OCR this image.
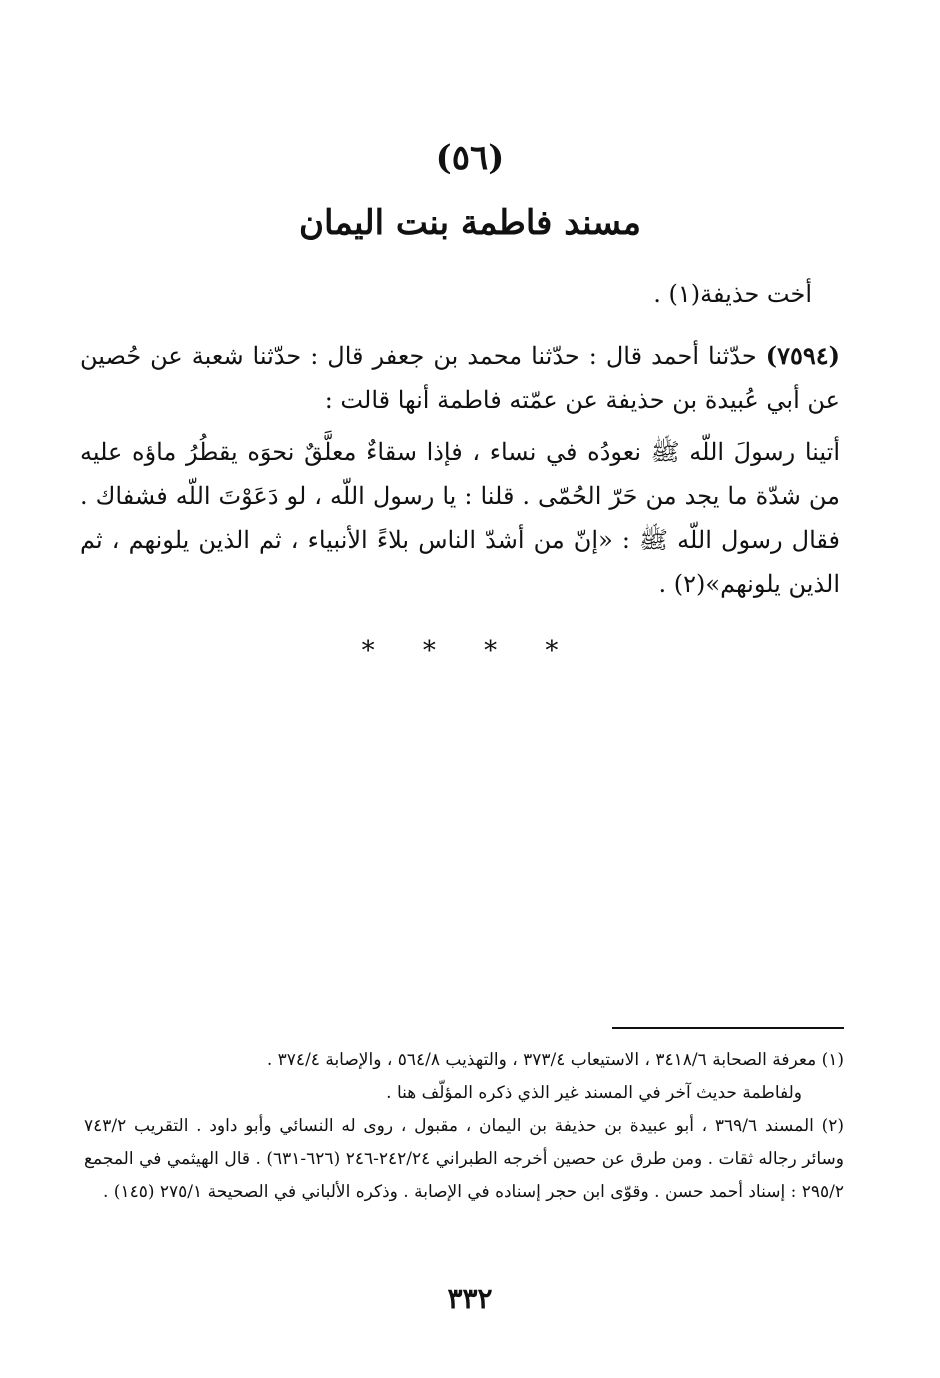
(٥٦)
مسند فاطمة بنت اليمان
أخت حذيفة(١) .
(٧٥٩٤) حدّثنا أحمد قال : حدّثنا محمد بن جعفر قال : حدّثنا شعبة عن حُصين عن أبي عُبيدة بن حذيفة عن عمّته فاطمة أنها قالت :
أتينا رسولَ اللّه ﷺ نعودُه في نساء ، فإذا سقاءٌ معلَّقٌ نحوَه يقطُرُ ماؤه عليه من شدّة ما يجد من حَرّ الحُمّى . قلنا : يا رسول اللّه ، لو دَعَوْتَ اللّه فشفاك . فقال رسول اللّه ﷺ : «إنّ من أشدّ الناس بلاءً الأنبياء ، ثم الذين يلونهم ، ثم الذين يلونهم»(٢) .
* * * *

(١) معرفة الصحابة ٣٤١٨/٦ ، الاستيعاب ٣٧٣/٤ ، والتهذيب ٥٦٤/٨ ، والإصابة ٣٧٤/٤ .

ولفاطمة حديث آخر في المسند غير الذي ذكره المؤلّف هنا .

(٢) المسند ٣٦٩/٦ ، أبو عبيدة بن حذيفة بن اليمان ، مقبول ، روى له النسائي وأبو داود . التقريب ٧٤٣/٢ وسائر رجاله ثقات . ومن طرق عن حصين أخرجه الطبراني ٢٤٢/٢٤-٢٤٦ (٦٢٦-٦٣١) . قال الهيثمي في المجمع ٢٩٥/٢ : إسناد أحمد حسن . وقوّى ابن حجر إسناده في الإصابة . وذكره الألباني في الصحيحة ٢٧٥/١ (١٤٥) .

٣٣٢
